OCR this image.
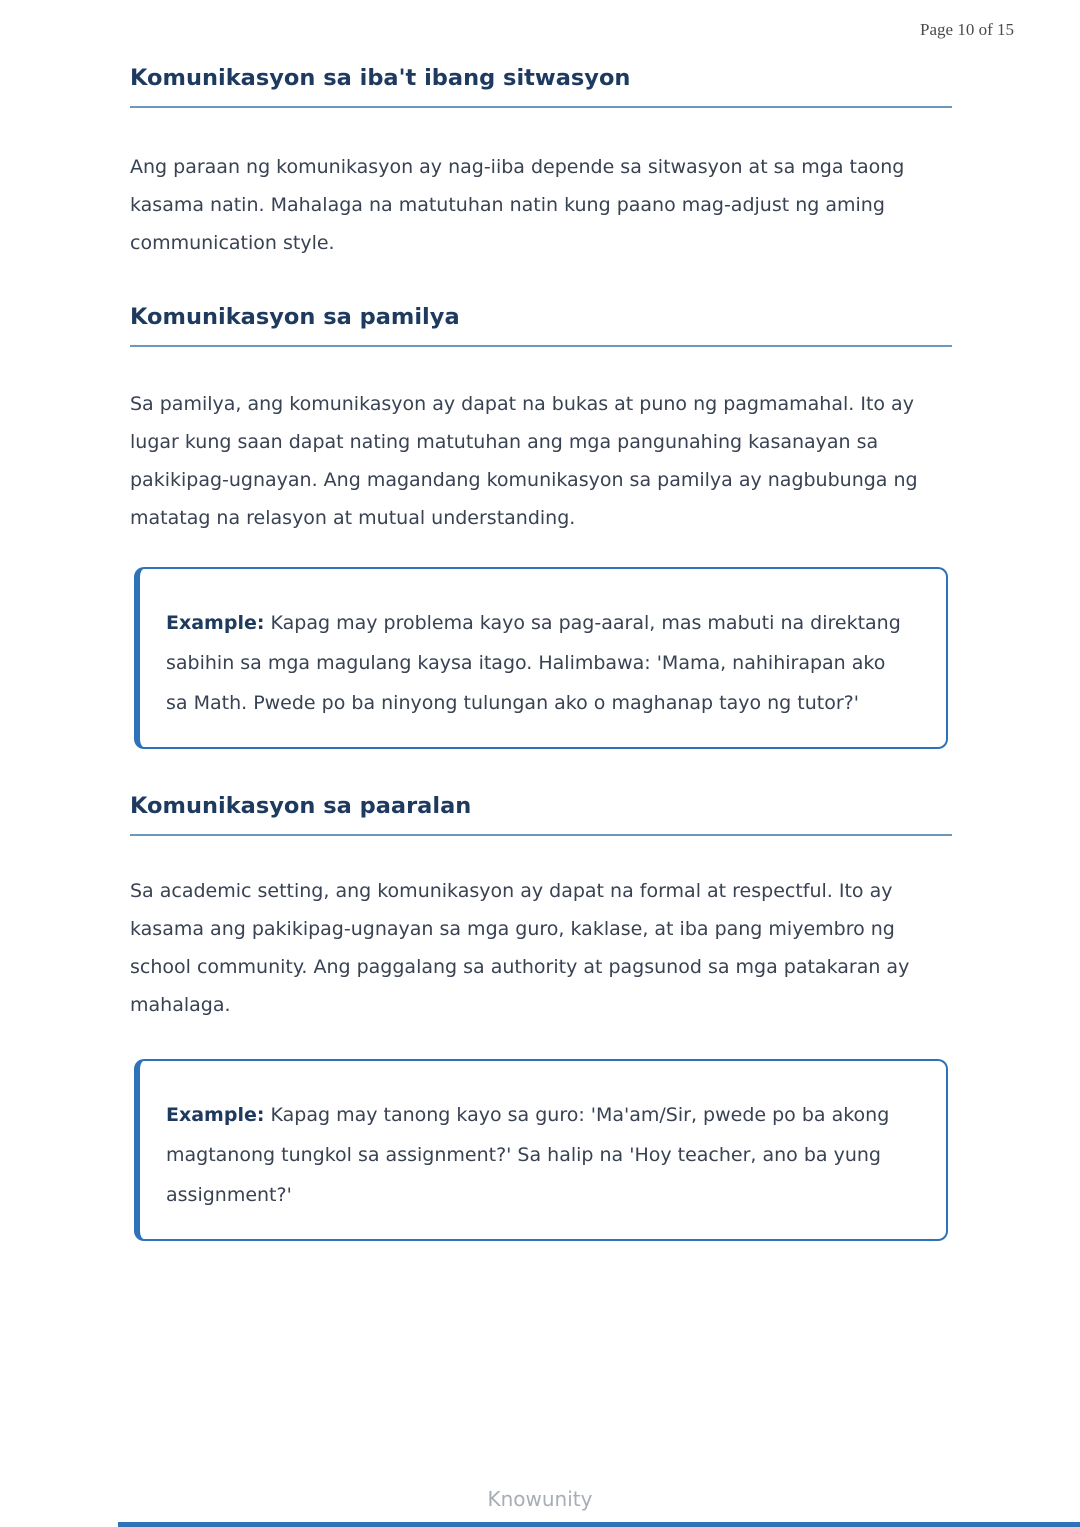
Page 10 of 15
Komunikasyon sa iba't ibang sitwasyon

Ang paraan ng komunikasyon ay nag-iiba depende sa sitwasyon at sa mga taong kasama natin. Mahalaga na matutuhan natin kung paano mag-adjust ng aming communication style.

Komunikasyon sa pamilya

Sa pamilya, ang komunikasyon ay dapat na bukas at puno ng pagmamahal. Ito ay lugar kung saan dapat nating matutuhan ang mga pangunahing kasanayan sa pakikipag-ugnayan. Ang magandang komunikasyon sa pamilya ay nagbubunga ng matatag na relasyon at mutual understanding.

Example: Kapag may problema kayo sa pag-aaral, mas mabuti na direktang sabihin sa mga magulang kaysa itago. Halimbawa: 'Mama, nahihirapan ako sa Math. Pwede po ba ninyong tulungan ako o maghanap tayo ng tutor?'

Komunikasyon sa paaralan

Sa academic setting, ang komunikasyon ay dapat na formal at respectful. Ito ay kasama ang pakikipag-ugnayan sa mga guro, kaklase, at iba pang miyembro ng school community. Ang paggalang sa authority at pagsunod sa mga patakaran ay mahalaga.

Example: Kapag may tanong kayo sa guro: 'Ma'am/Sir, pwede po ba akong magtanong tungkol sa assignment?' Sa halip na 'Hoy teacher, ano ba yung assignment?'

Knowunity
